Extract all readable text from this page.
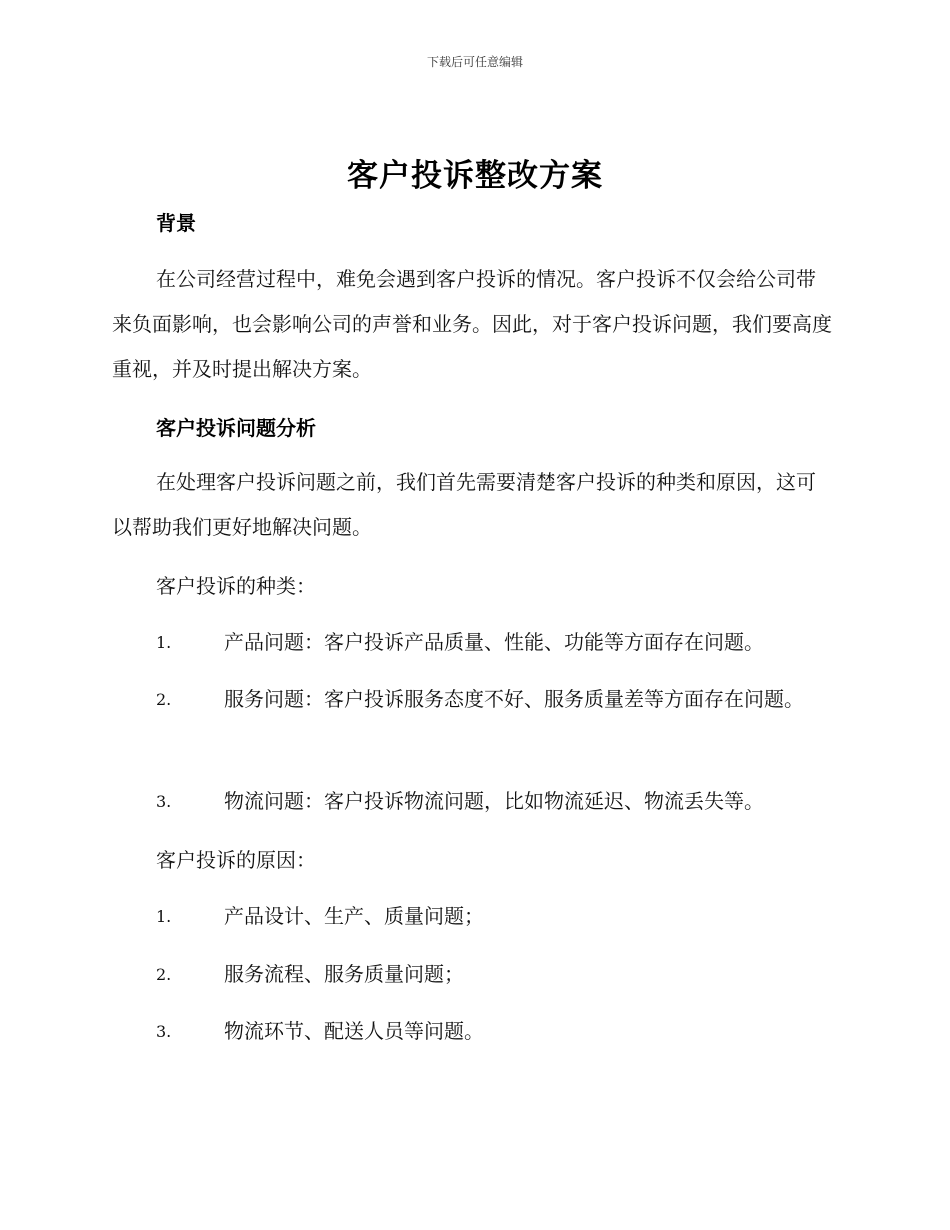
下载后可任意编辑
客户投诉整改方案
背景
在公司经营过程中，难免会遇到客户投诉的情况。客户投诉不仅会给公司带来负面影响，也会影响公司的声誉和业务。因此，对于客户投诉问题，我们要高度重视，并及时提出解决方案。
客户投诉问题分析
在处理客户投诉问题之前，我们首先需要清楚客户投诉的种类和原因，这可以帮助我们更好地解决问题。
客户投诉的种类：
1.	产品问题：客户投诉产品质量、性能、功能等方面存在问题。
2.	服务问题：客户投诉服务态度不好、服务质量差等方面存在问题。
3.	物流问题：客户投诉物流问题，比如物流延迟、物流丢失等。
客户投诉的原因：
1.	产品设计、生产、质量问题；
2.	服务流程、服务质量问题；
3.	物流环节、配送人员等问题。
